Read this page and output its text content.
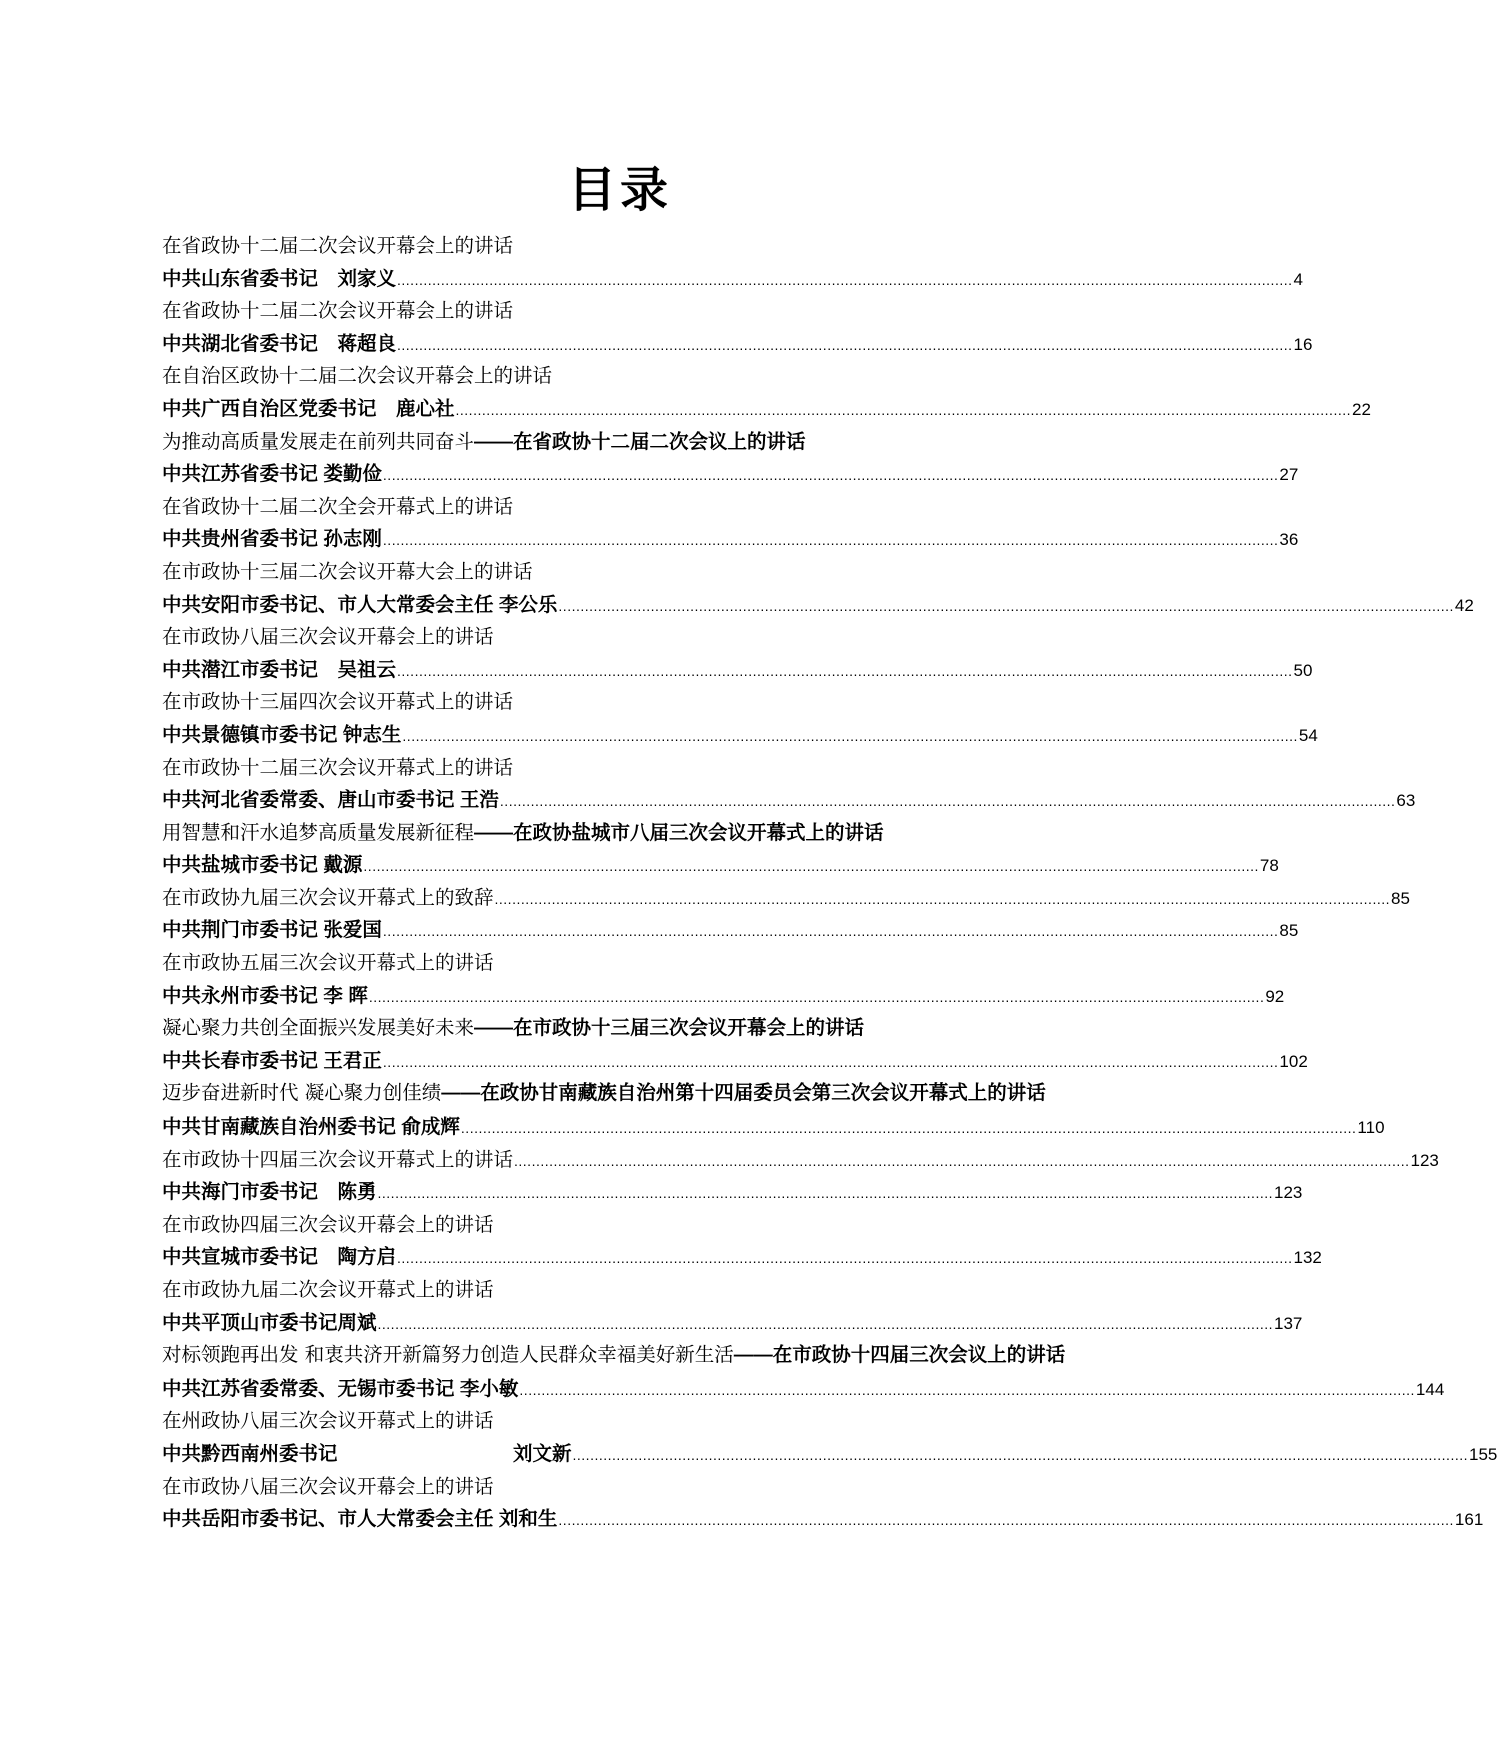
目录
在省政协十二届二次会议开幕会上的讲话
中共山东省委书记　刘家义 ............................................................................................................................................................................................................ 4
在省政协十二届二次会议开幕会上的讲话
中共湖北省委书记　蒋超良 ............................................................................................................................................................................................................ 16
在自治区政协十二届二次会议开幕会上的讲话
中共广西自治区党委书记　鹿心社 ............................................................................................................................................................................................................ 22
为推动高质量发展走在前列共同奋斗——在省政协十二届二次会议上的讲话
中共江苏省委书记 娄勤俭 ............................................................................................................................................................................................................ 27
在省政协十二届二次全会开幕式上的讲话
中共贵州省委书记 孙志刚 ............................................................................................................................................................................................................ 36
在市政协十三届二次会议开幕大会上的讲话
中共安阳市委书记、市人大常委会主任 李公乐 ............................................................................................................................................................................................................ 42
在市政协八届三次会议开幕会上的讲话
中共潜江市委书记　吴祖云 ............................................................................................................................................................................................................ 50
在市政协十三届四次会议开幕式上的讲话
中共景德镇市委书记 钟志生 ............................................................................................................................................................................................................ 54
在市政协十二届三次会议开幕式上的讲话
中共河北省委常委、唐山市委书记 王浩 ............................................................................................................................................................................................................ 63
用智慧和汗水追梦高质量发展新征程——在政协盐城市八届三次会议开幕式上的讲话
中共盐城市委书记 戴源 ............................................................................................................................................................................................................ 78
在市政协九届三次会议开幕式上的致辞 ............................................................................................................................................................................................................ 85
中共荆门市委书记 张爱国 ............................................................................................................................................................................................................ 85
在市政协五届三次会议开幕式上的讲话
中共永州市委书记 李 晖 ............................................................................................................................................................................................................ 92
凝心聚力共创全面振兴发展美好未来——在市政协十三届三次会议开幕会上的讲话
中共长春市委书记 王君正 ............................................................................................................................................................................................................ 102
迈步奋进新时代 凝心聚力创佳绩——在政协甘南藏族自治州第十四届委员会第三次会议开幕式上的讲话
中共甘南藏族自治州委书记 俞成辉 ............................................................................................................................................................................................................ 110
在市政协十四届三次会议开幕式上的讲话 ............................................................................................................................................................................................................ 123
中共海门市委书记　陈勇 ............................................................................................................................................................................................................ 123
在市政协四届三次会议开幕会上的讲话
中共宣城市委书记　陶方启 ............................................................................................................................................................................................................ 132
在市政协九届二次会议开幕式上的讲话
中共平顶山市委书记周斌 ............................................................................................................................................................................................................ 137
对标领跑再出发 和衷共济开新篇努力创造人民群众幸福美好新生活——在市政协十四届三次会议上的讲话
中共江苏省委常委、无锡市委书记 李小敏 ............................................................................................................................................................................................................ 144
在州政协八届三次会议开幕式上的讲话
中共黔西南州委书记　　　　　　　　　刘文新 ............................................................................................................................................................................................................ 155
在市政协八届三次会议开幕会上的讲话
中共岳阳市委书记、市人大常委会主任 刘和生 ............................................................................................................................................................................................................ 161
